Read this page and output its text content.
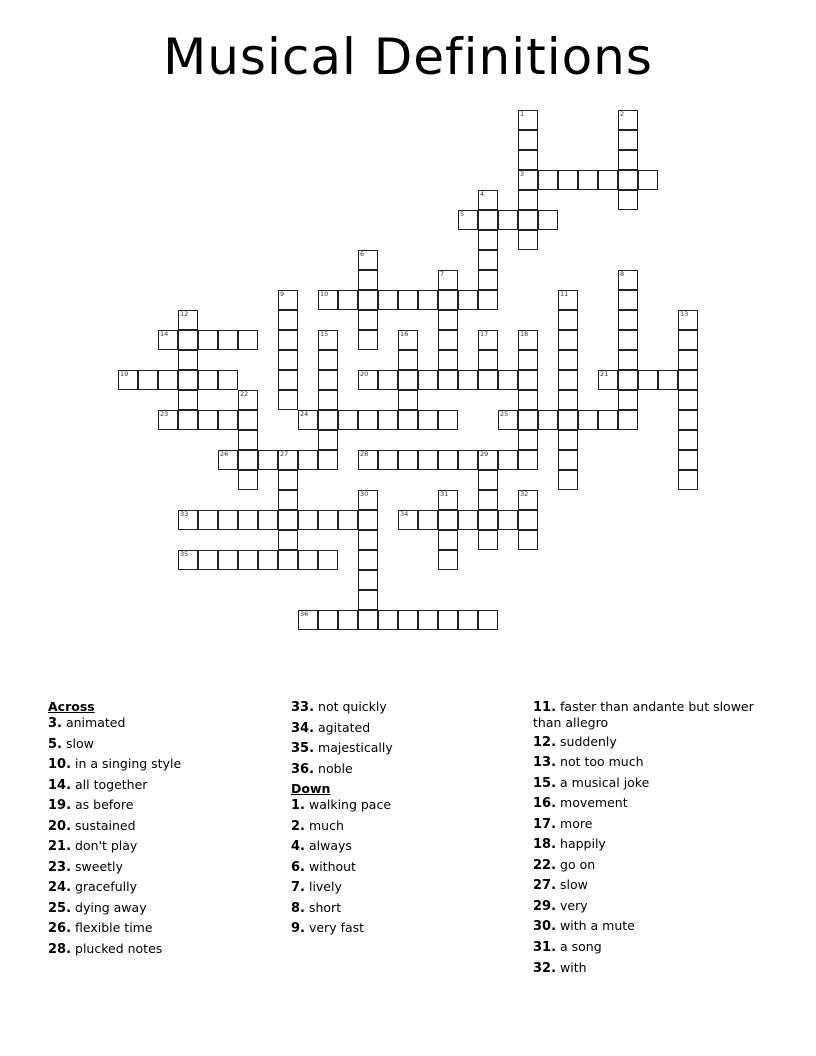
Musical Definitions
1
3
2
4
5
6
7	8
9	10	11
12	13
14	15	16	17	18
19	20	21
22
23	24	25
26	27	28	29
30	31	32
33	34
35
36
Across
3. animated
5. slow
10. in a singing style
14. all together
19. as before
20. sustained
21. don't play
23. sweetly
24. gracefully
25. dying away
26. flexible time
28. plucked notes
33. not quickly
34. agitated
35. majestically
36. noble
Down
1. walking pace
2. much
4. always
6. without
7. lively
8. short
9. very fast
11. faster than andante but slower than allegro
12. suddenly
13. not too much
15. a musical joke
16. movement
17. more
18. happily
22. go on
27. slow
29. very
30. with a mute
31. a song
32. with
